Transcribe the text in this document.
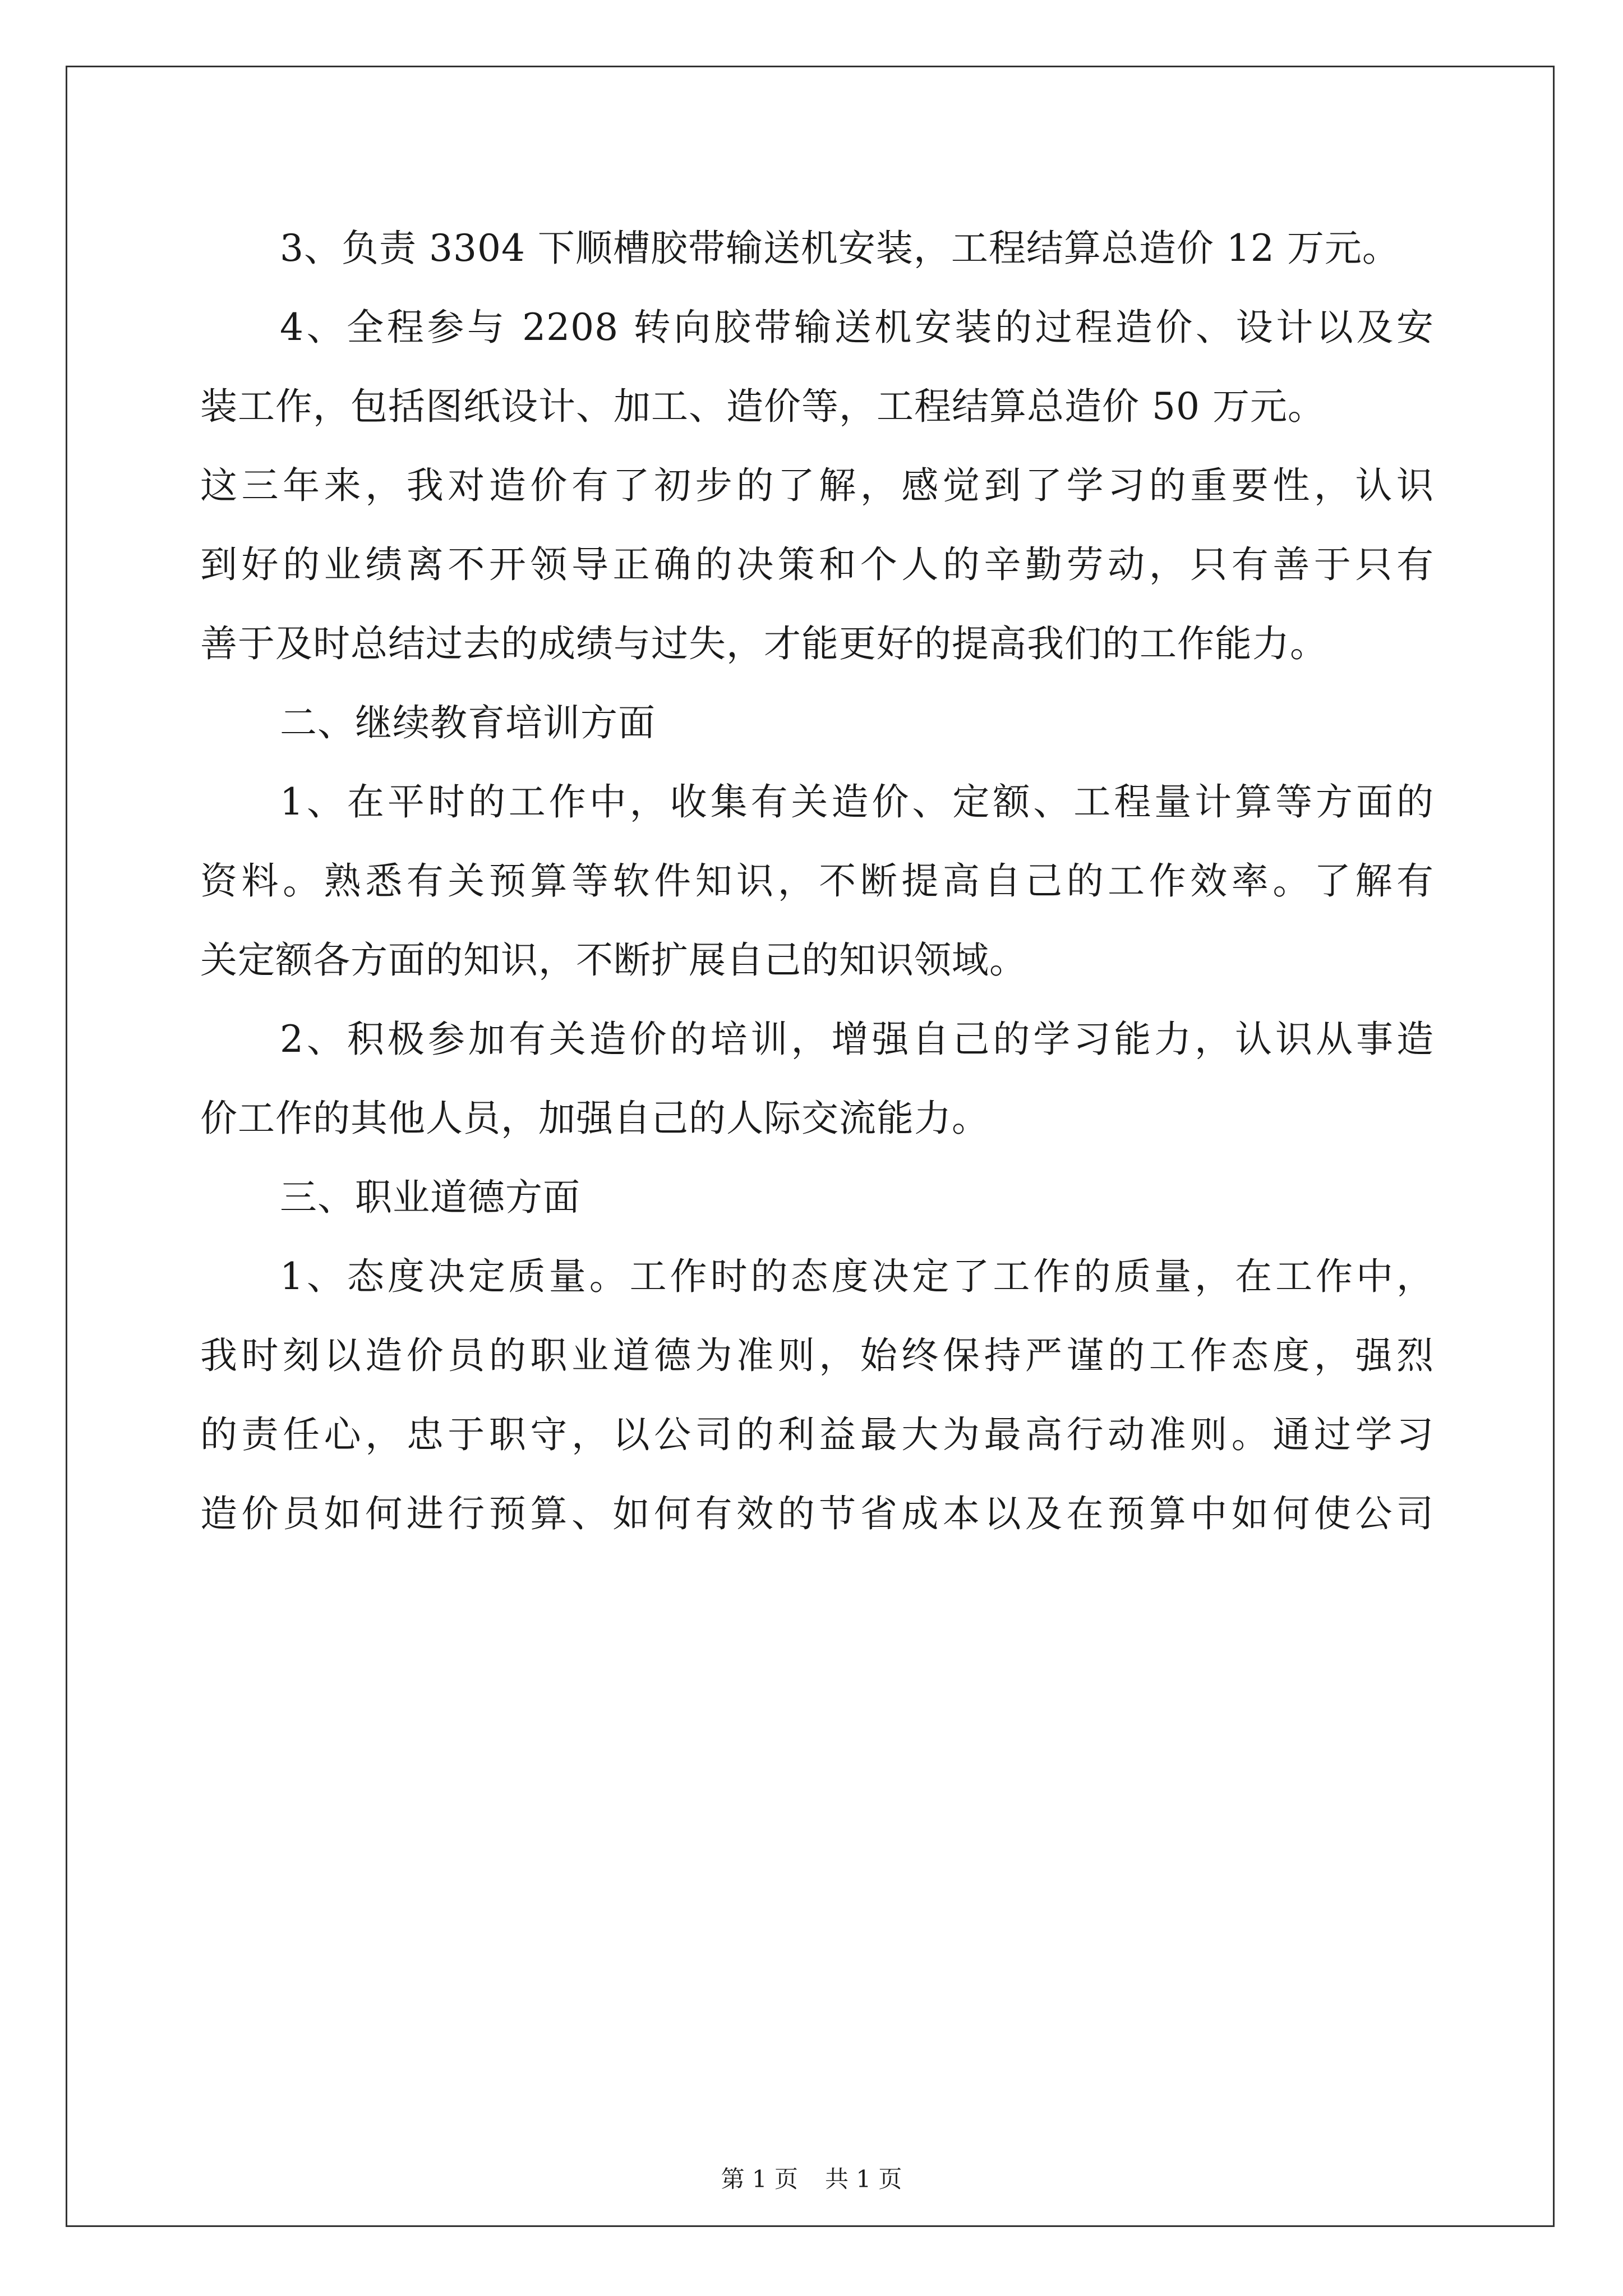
3、负责 3304 下顺槽胶带输送机安装，工程结算总造价 12 万元。
4、全程参与 2208 转向胶带输送机安装的过程造价、设计以及安
装工作，包括图纸设计、加工、造价等，工程结算总造价 50 万元。
这三年来，我对造价有了初步的了解，感觉到了学习的重要性，认识
到好的业绩离不开领导正确的决策和个人的辛勤劳动，只有善于只有
善于及时总结过去的成绩与过失，才能更好的提高我们的工作能力。
二、继续教育培训方面
1、在平时的工作中，收集有关造价、定额、工程量计算等方面的
资料。熟悉有关预算等软件知识，不断提高自己的工作效率。了解有
关定额各方面的知识，不断扩展自己的知识领域。
2、积极参加有关造价的培训，增强自己的学习能力，认识从事造
价工作的其他人员，加强自己的人际交流能力。
三、职业道德方面
1、态度决定质量。工作时的态度决定了工作的质量，在工作中，
我时刻以造价员的职业道德为准则，始终保持严谨的工作态度，强烈
的责任心，忠于职守，以公司的利益最大为最高行动准则。通过学习
造价员如何进行预算、如何有效的节省成本以及在预算中如何使公司
第 1 页 共 1 页
